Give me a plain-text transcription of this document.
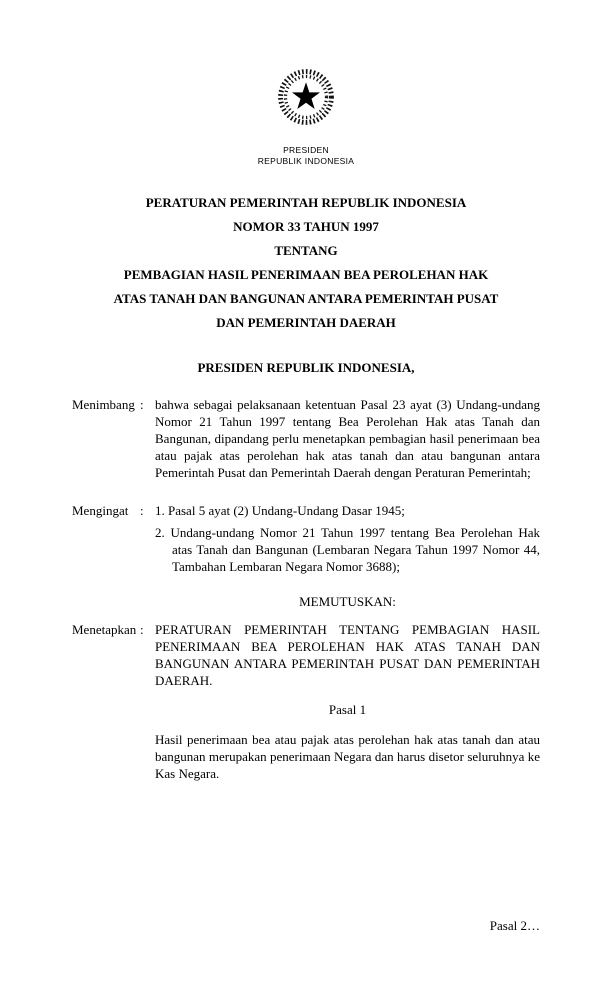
PRESIDEN
REPUBLIK INDONESIA
PERATURAN PEMERINTAH REPUBLIK INDONESIA
NOMOR 33 TAHUN 1997
TENTANG
PEMBAGIAN HASIL PENERIMAAN BEA PEROLEHAN HAK
ATAS TANAH DAN BANGUNAN ANTARA PEMERINTAH PUSAT
DAN PEMERINTAH DAERAH
PRESIDEN REPUBLIK INDONESIA,
Menimbang : bahwa sebagai pelaksanaan ketentuan Pasal 23 ayat (3) Undang-undang Nomor 21 Tahun 1997 tentang Bea Perolehan Hak atas Tanah dan Bangunan, dipandang perlu menetapkan pembagian hasil penerimaan bea atau pajak atas perolehan hak atas tanah dan atau bangunan antara Pemerintah Pusat dan Pemerintah Daerah dengan Peraturan Pemerintah;
Mengingat : 1. Pasal 5 ayat (2) Undang-Undang Dasar 1945;
2. Undang-undang Nomor 21 Tahun 1997 tentang Bea Perolehan Hak atas Tanah dan Bangunan (Lembaran Negara Tahun 1997 Nomor 44, Tambahan Lembaran Negara Nomor 3688);
MEMUTUSKAN:
Menetapkan : PERATURAN PEMERINTAH TENTANG PEMBAGIAN HASIL PENERIMAAN BEA PEROLEHAN HAK ATAS TANAH DAN BANGUNAN ANTARA PEMERINTAH PUSAT DAN PEMERINTAH DAERAH.
Pasal 1
Hasil penerimaan bea atau pajak atas perolehan hak atas tanah dan atau bangunan merupakan penerimaan Negara dan harus disetor seluruhnya ke Kas Negara.
Pasal 2…
